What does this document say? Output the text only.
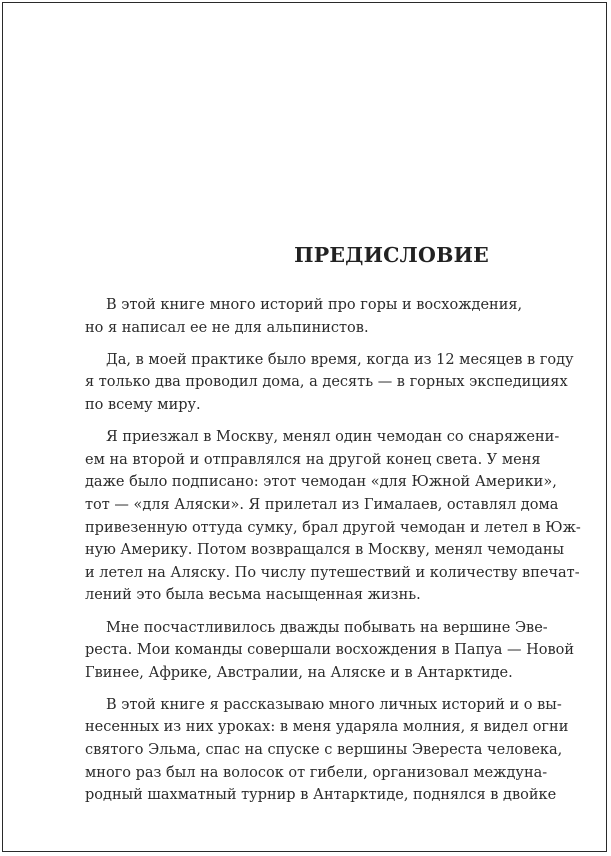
ПРЕДИСЛОВИЕ
В этой книге много историй про горы и восхождения,
но я написал ее не для альпинистов.
Да, в моей практике было время, когда из 12 месяцев в году
я только два проводил дома, а десять — в горных экспедициях
по всему миру.
Я приезжал в Москву, менял один чемодан со снаряжени-
ем на второй и отправлялся на другой конец света. У меня
даже было подписано: этот чемодан «для Южной Америки»,
тот — «для Аляски». Я прилетал из Гималаев, оставлял дома
привезенную оттуда сумку, брал другой чемодан и летел в Юж-
ную Америку. Потом возвращался в Москву, менял чемоданы
и летел на Аляску. По числу путешествий и количеству впечат-
лений это была весьма насыщенная жизнь.
Мне посчастливилось дважды побывать на вершине Эве-
реста. Мои команды совершали восхождения в Папуа — Новой
Гвинее, Африке, Австралии, на Аляске и в Антарктиде.
В этой книге я рассказываю много личных историй и о вы-
несенных из них уроках: в меня ударяла молния, я видел огни
святого Эльма, спас на спуске с вершины Эвереста человека,
много раз был на волосок от гибели, организовал междуна-
родный шахматный турнир в Антарктиде, поднялся в двойке
